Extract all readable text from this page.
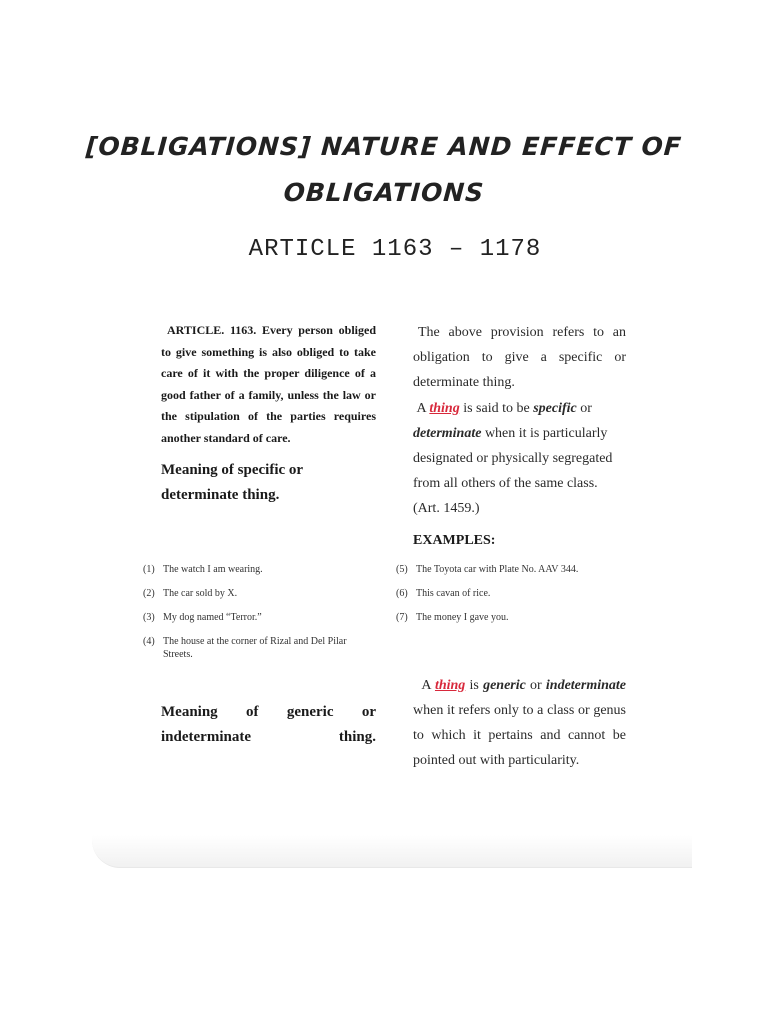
[OBLIGATIONS] NATURE AND EFFECT OF
OBLIGATIONS
ARTICLE 1163 – 1178
ARTICLE. 1163. Every person obliged to give something is also obliged to take care of it with the proper diligence of a good father of a family, unless the law or the stipulation of the parties requires another standard of care.
The above provision refers to an obligation to give a specific or determinate thing.
Meaning of specific or determinate thing.
A thing is said to be specific or determinate when it is particularly designated or physically segregated from all others of the same class. (Art. 1459.)
EXAMPLES:
(1) The watch I am wearing.
(2) The car sold by X.
(3) My dog named “Terror.”
(4) The house at the corner of Rizal and Del Pilar Streets.
(5) The Toyota car with Plate No. AAV 344.
(6) This cavan of rice.
(7) The money I gave you.
Meaning of generic or indeterminate thing.
A thing is generic or indeterminate when it refers only to a class or genus to which it pertains and cannot be pointed out with particularity.
